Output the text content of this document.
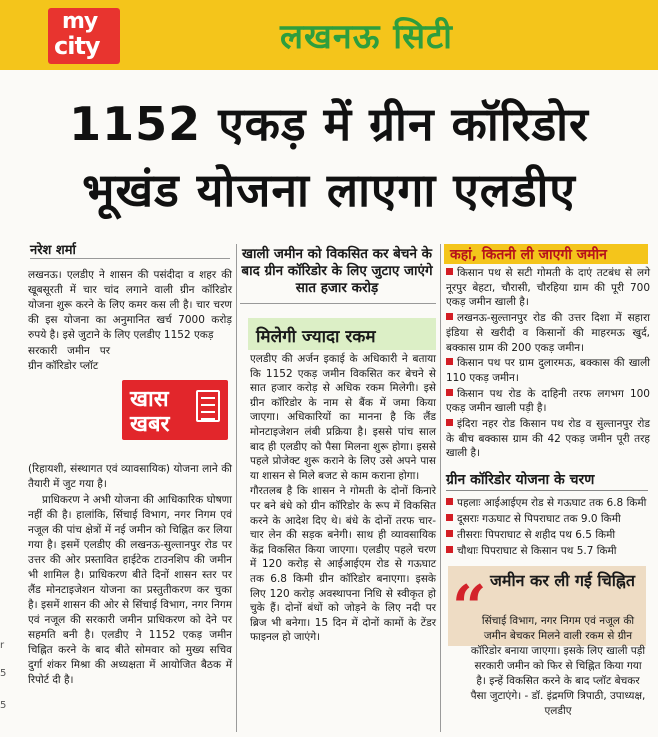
my
city	लखनऊ सिटी
1152 एकड़ में ग्रीन कॉरिडोर
भूखंड योजना लाएगा एलडीए
नरेश शर्मा

लखनऊ। एलडीए ने शासन की पसंदीदा व शहर की खूबसूरती में चार चांद लगाने वाली ग्रीन कॉरिडोर योजना शुरू करने के लिए कमर कस ली है। चार चरण की इस योजना का अनुमानित खर्च 7000 करोड़ रुपये है। इसे जुटाने के लिए एलडीए 1152 एकड़

सरकारी जमीन पर ग्रीन कॉरिडोर प्लॉट

(रिहायशी, संस्थागत एवं व्यावसायिक) योजना लाने की तैयारी में जुट गया है।

प्राधिकरण ने अभी योजना की आधिकारिक घोषणा नहीं की है। हालांकि, सिंचाई विभाग, नगर निगम एवं नजूल की पांच क्षेत्रों में नई जमीन को चिह्नित कर लिया गया है। इसमें एलडीए की लखनऊ-सुल्तानपुर रोड पर उत्तर की ओर प्रस्तावित हाईटेक टाउनशिप की जमीन भी शामिल है। प्राधिकरण बीते दिनों शासन स्तर पर लैंड मोनटाइजेशन योजना का प्रस्तुतीकरण कर चुका है। इसमें शासन की ओर से सिंचाई विभाग, नगर निगम एवं नजूल की सरकारी जमीन प्राधिकरण को देने पर सहमति बनी है। एलडीए ने 1152 एकड़ जमीन चिह्नित करने के बाद बीते सोमवार को मुख्य सचिव दुर्गा शंकर मिश्रा की अध्यक्षता में आयोजित बैठक में रिपोर्ट दी है।

खास
खबर
खाली जमीन को विकसित कर बेचने के बाद ग्रीन कॉरिडोर के लिए जुटाए जाएंगे सात हजार करोड़
मिलेगी ज्यादा रकम

एलडीए की अर्जन इकाई के अधिकारी ने बताया कि 1152 एकड़ जमीन विकसित कर बेचने से सात हजार करोड़ से अधिक रकम मिलेगी। इसे ग्रीन कॉरिडोर के नाम से बैंक में जमा किया जाएगा। अधिकारियों का मानना है कि लैंड मोनटाइजेशन लंबी प्रक्रिया है। इससे पांच साल बाद ही एलडीए को पैसा मिलना शुरू होगा। इससे पहले प्रोजेक्ट शुरू कराने के लिए उसे अपने पास या शासन से मिले बजट से काम कराना होगा।

गौरतलब है कि शासन ने गोमती के दोनों किनारे पर बने बंधे को ग्रीन कॉरिडोर के रूप में विकसित करने के आदेश दिए थे। बंधे के दोनों तरफ चार-चार लेन की सड़क बनेगी। साथ ही व्यावसायिक केंद्र विकसित किया जाएगा। एलडीए पहले चरण में 120 करोड़ से आईआईएम रोड से गऊघाट तक 6.8 किमी ग्रीन कॉरिडोर बनाएगा। इसके लिए 120 करोड़ अवस्थापना निधि से स्वीकृत हो चुके हैं। दोनों बंधों को जोड़ने के लिए नदी पर ब्रिज भी बनेगा। 15 दिन में दोनों कामों के टेंडर फाइनल हो जाएंगे।

कहां, कितनी ली जाएगी जमीन
किसान पथ से सटी गोमती के दाएं तटबंध से लगे नूरपुर बेहटा, चौरासी, चौरहिया ग्राम की पूरी 700 एकड़ जमीन खाली है।
लखनऊ-सुल्तानपुर रोड की उत्तर दिशा में सहारा इंडिया से खरीदी व किसानों की माहरमऊ खुर्द, बक्कास ग्राम की 200 एकड़ जमीन।
किसान पथ पर ग्राम दुलारमऊ, बक्कास की खाली 110 एकड़ जमीन।
किसान पथ रोड के दाहिनी तरफ लगभग 100 एकड़ जमीन खाली पड़ी है।
इंदिरा नहर रोड किसान पथ रोड व सुल्तानपुर रोड के बीच बक्कास ग्राम की 42 एकड़ जमीन पूरी तरह खाली है।
ग्रीन कॉरिडोर योजना के चरण
पहलाः आईआईएम रोड से गऊघाट तक 6.8 किमी
दूसराः गऊघाट से पिपराघाट तक 9.0 किमी
तीसराः पिपराघाट से शहीद पथ 6.5 किमी
चौथाः पिपराघाट से किसान पथ 5.7 किमी
“ जमीन कर ली गई चिह्नित
सिंचाई विभाग, नगर निगम एवं नजूल की जमीन बेचकर मिलने वाली रकम से ग्रीन कॉरिडोर बनाया जाएगा। इसके लिए खाली पड़ी सरकारी जमीन को फिर से चिह्नित किया गया है। इन्हें विकसित करने के बाद प्लॉट बेचकर पैसा जुटाएंगे। - डॉ. इंद्रमणि त्रिपाठी, उपाध्यक्ष, एलडीए
r
5
5
